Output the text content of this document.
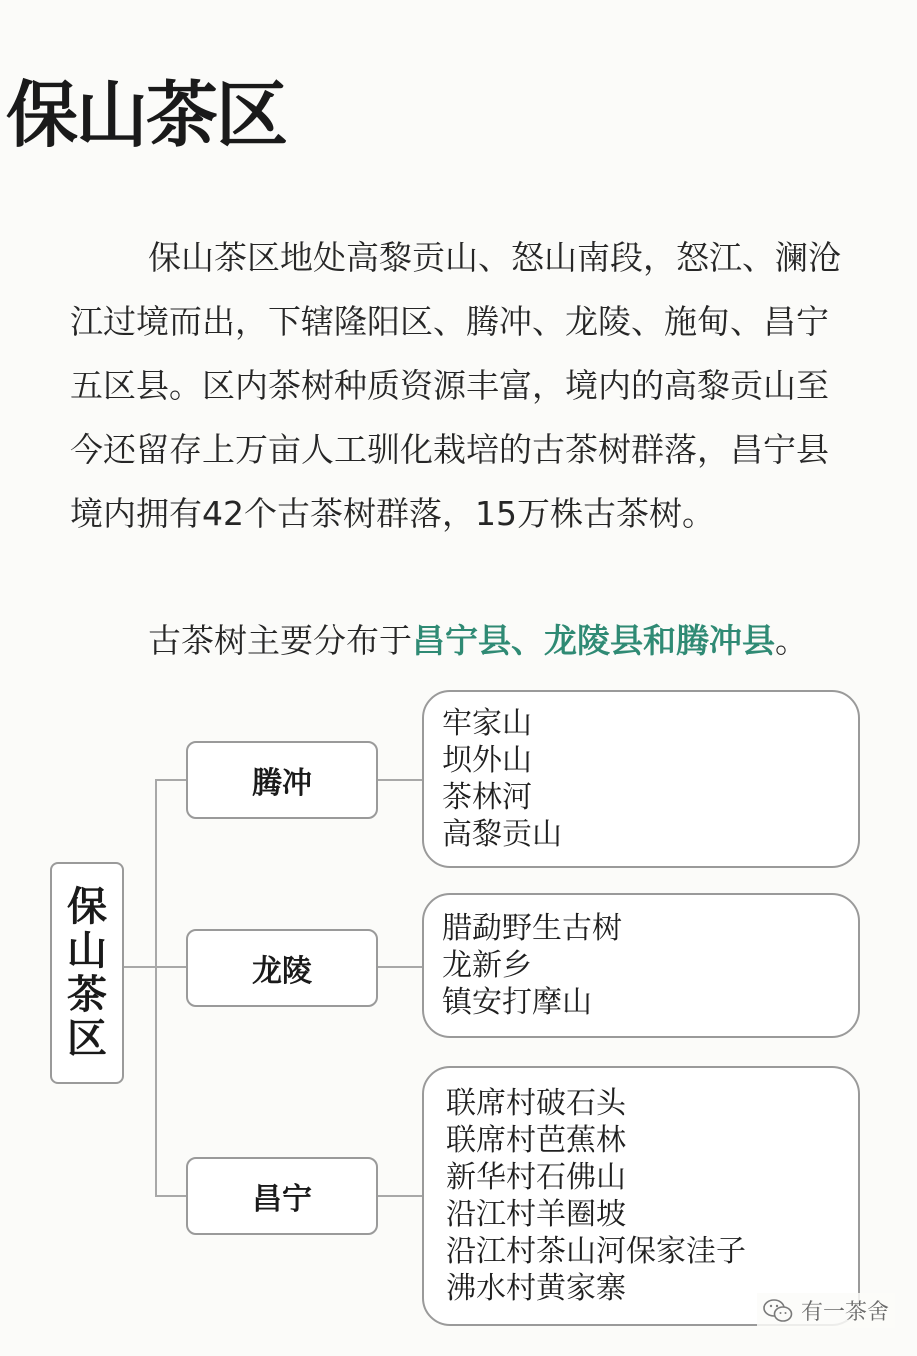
保山茶区

保山茶区地处高黎贡山、怒山南段，怒江、澜沧江过境而出，下辖隆阳区、腾冲、龙陵、施甸、昌宁五区县。区内茶树种质资源丰富，境内的高黎贡山至今还留存上万亩人工驯化栽培的古茶树群落，昌宁县境内拥有42个古茶树群落，15万株古茶树。

古茶树主要分布于昌宁县、龙陵县和腾冲县。

保山茶区
腾冲
龙陵
昌宁
牢家山
坝外山
茶林河
高黎贡山
腊勐野生古树
龙新乡
镇安打摩山
联席村破石头
联席村芭蕉林
新华村石佛山
沿江村羊圈坡
沿江村茶山河保家洼子
沸水村黄家寨
有一茶舍
